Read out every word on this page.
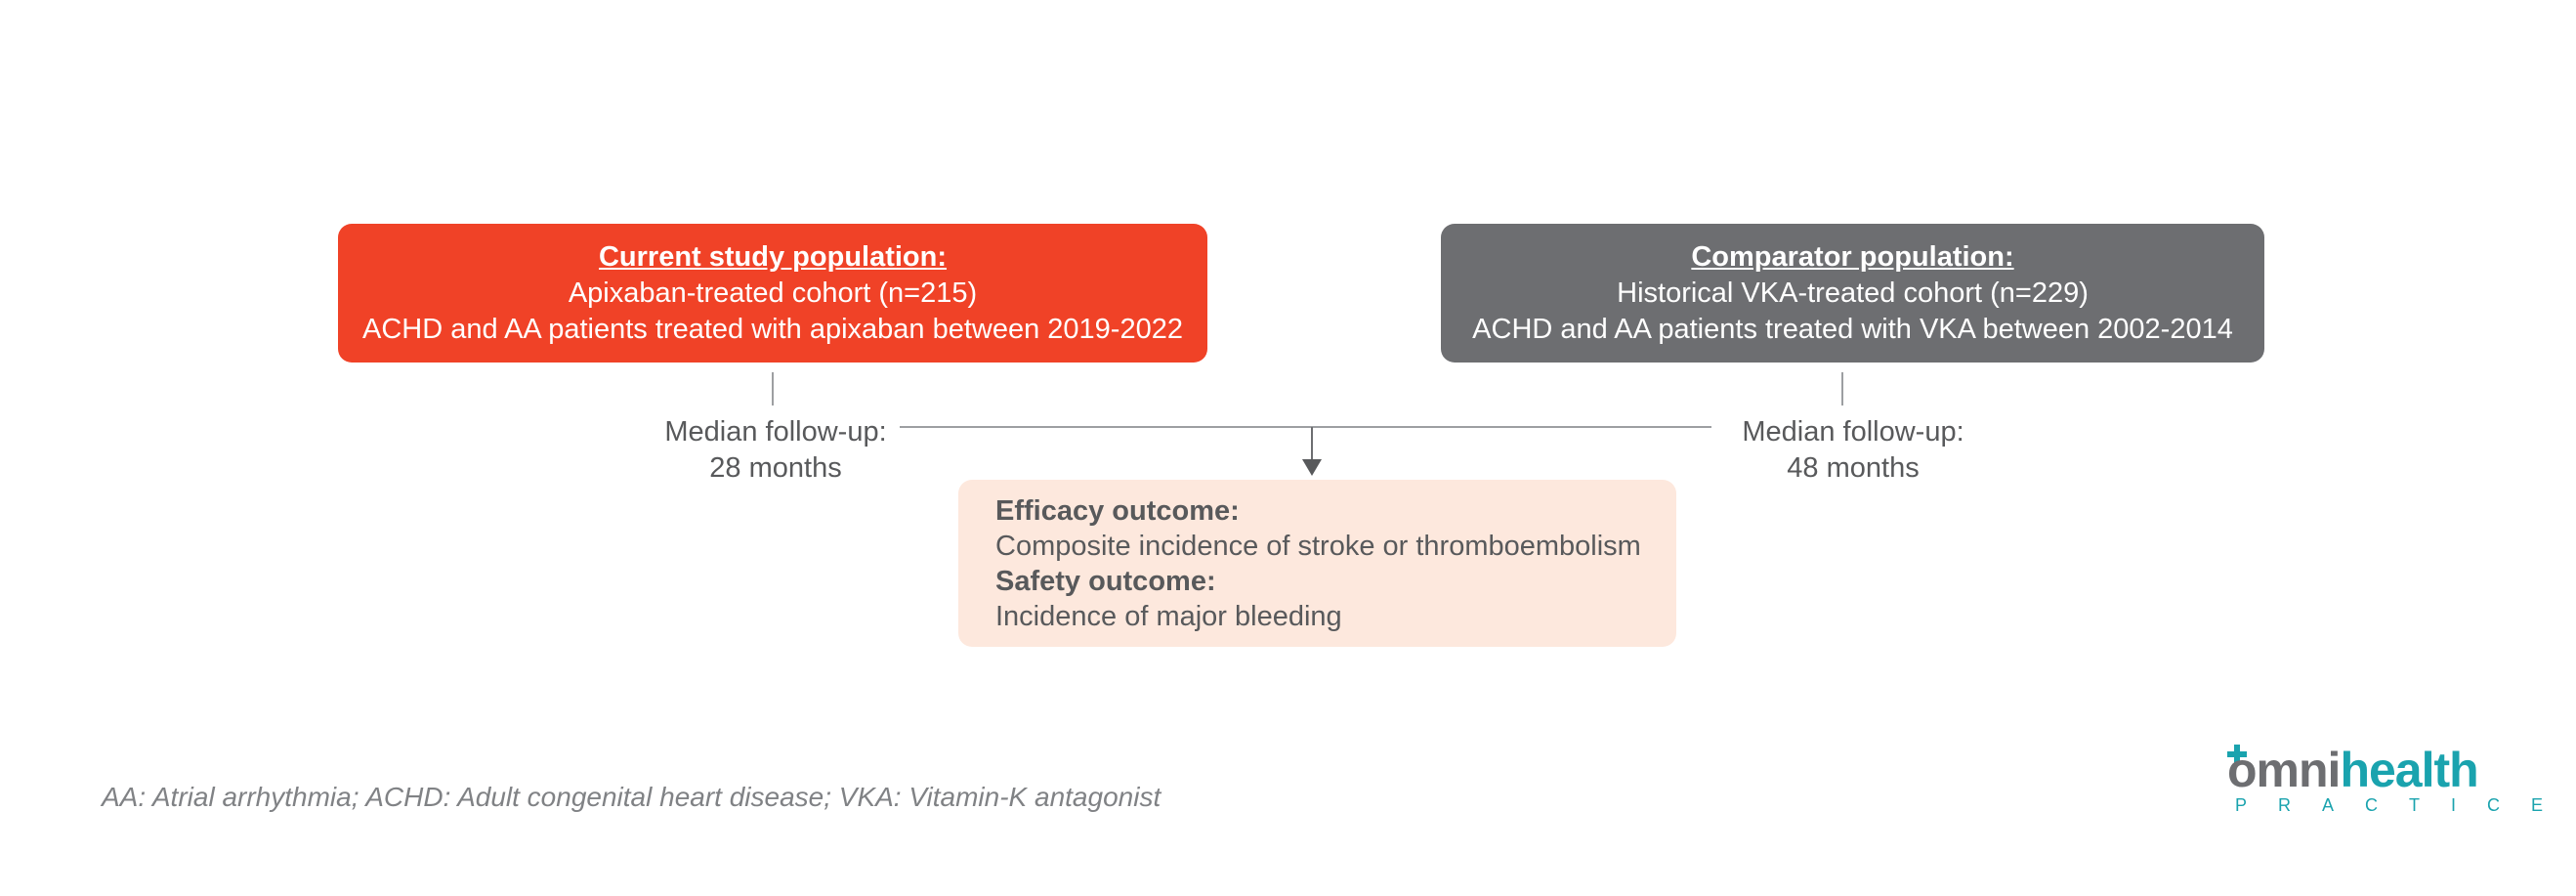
Current study population:
Apixaban-treated cohort (n=215)
ACHD and AA patients treated with apixaban between 2019-2022
Comparator population:
Historical VKA-treated cohort (n=229)
ACHD and AA patients treated with VKA between 2002-2014
Median follow-up:
28 months
Median follow-up:
48 months
Efficacy outcome:
Composite incidence of stroke or thromboembolism
Safety outcome:
Incidence of major bleeding
AA: Atrial arrhythmia; ACHD: Adult congenital heart disease; VKA: Vitamin-K antagonist	omnihealth
PRACTICE
